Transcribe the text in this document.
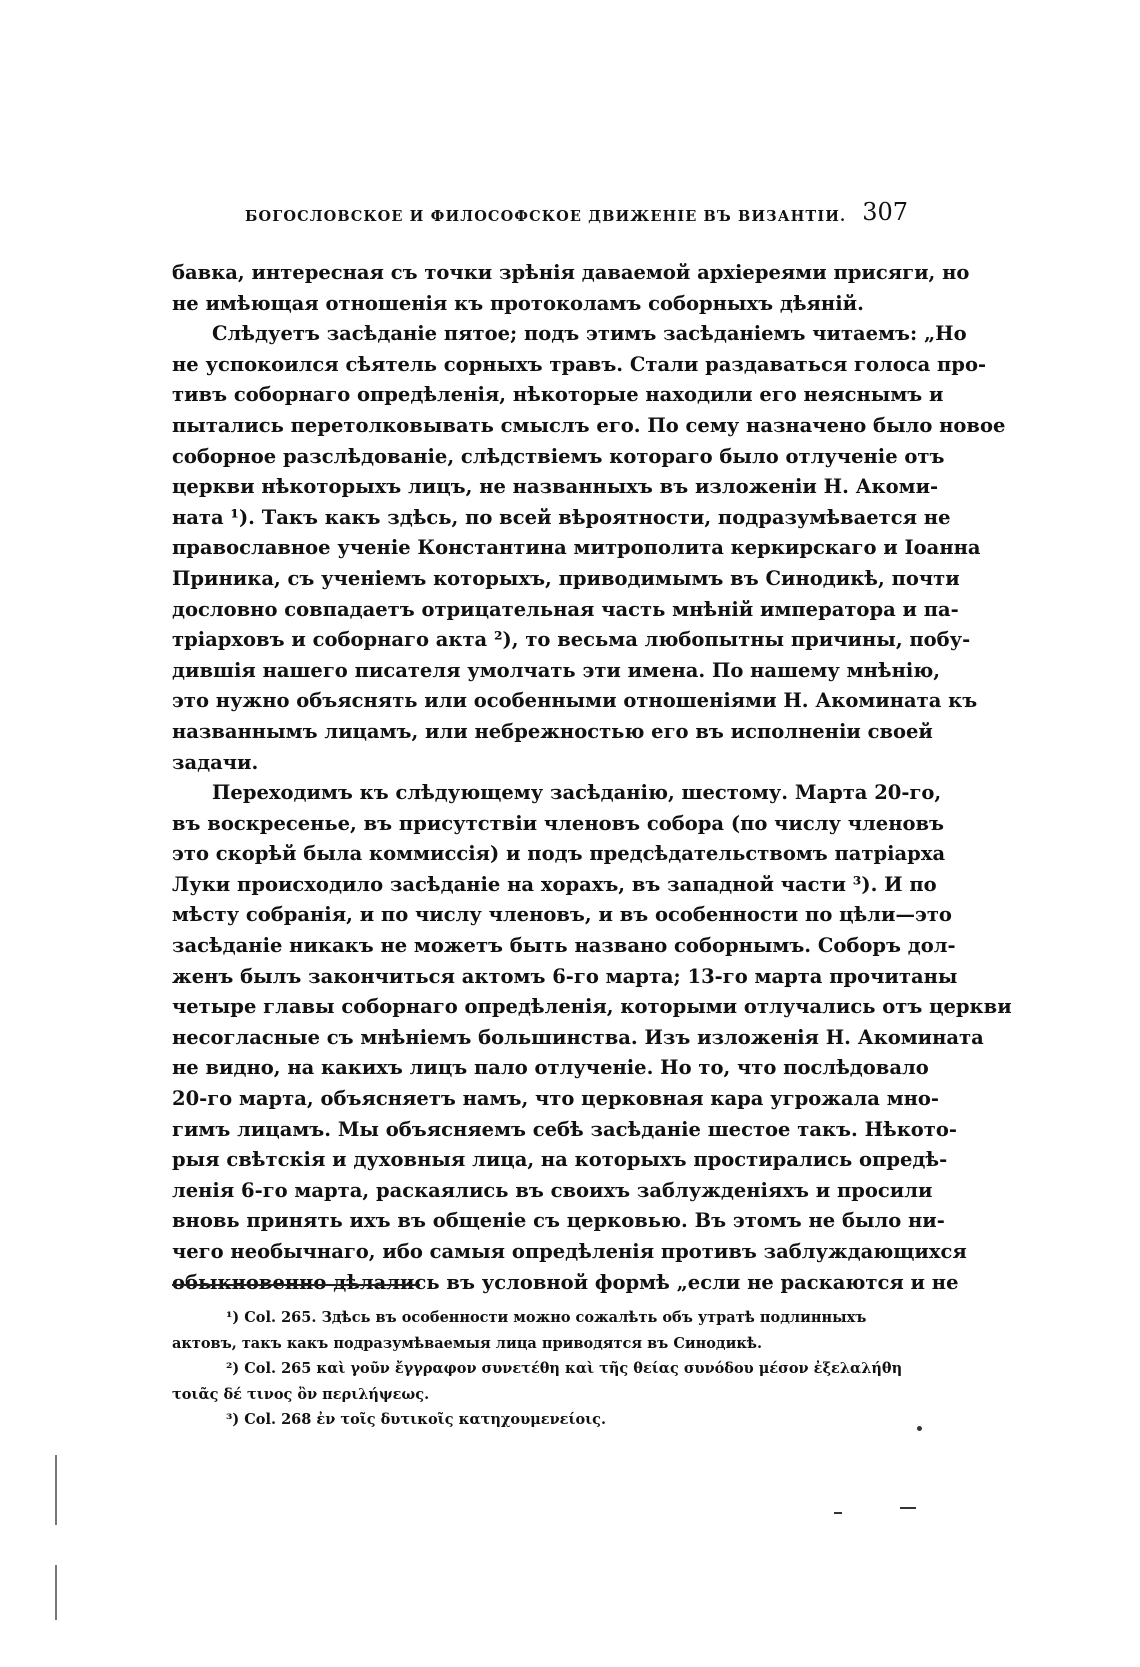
БОГОСЛОВСКОЕ И ФИЛОСОФСКОЕ ДВИЖЕНІЕ ВЪ ВИЗАНТІИ. 307
бавка, интересная съ точки зрѣнія даваемой архіереями присяги, но
не имѣющая отношенія къ протоколамъ соборныхъ дѣяній.
Слѣдуетъ засѣданіе пятое; подъ этимъ засѣданіемъ читаемъ: „Но
не успокоился сѣятель сорныхъ травъ. Стали раздаваться голоса про-
тивъ соборнаго опредѣленія, нѣкоторые находили его неяснымъ и
пытались перетолковывать смыслъ его. По сему назначено было новое
соборное разслѣдованіе, слѣдствіемъ котораго было отлученіе отъ
церкви нѣкоторыхъ лицъ, не названныхъ въ изложеніи Н. Акоми-
ната ¹). Такъ какъ здѣсь, по всей вѣроятности, подразумѣвается не
православное ученіе Константина митрополита керкирскаго и Іоанна
Приника, съ ученіемъ которыхъ, приводимымъ въ Синодикѣ, почти
дословно совпадаетъ отрицательная часть мнѣній императора и па-
тріарховъ и соборнаго акта ²), то весьма любопытны причины, побу-
дившія нашего писателя умолчать эти имена. По нашему мнѣнію,
это нужно объяснять или особенными отношеніями Н. Акомината къ
названнымъ лицамъ, или небрежностью его въ исполненіи своей
задачи.
Переходимъ къ слѣдующему засѣданію, шестому. Марта 20-го,
въ воскресенье, въ присутствіи членовъ собора (по числу членовъ
это скорѣй была коммиссія) и подъ предсѣдательствомъ патріарха
Луки происходило засѣданіе на хорахъ, въ западной части ³). И по
мѣсту собранія, и по числу членовъ, и въ особенности по цѣли—это
засѣданіе никакъ не можетъ быть названо соборнымъ. Соборъ дол-
женъ былъ закончиться актомъ 6-го марта; 13-го марта прочитаны
четыре главы соборнаго опредѣленія, которыми отлучались отъ церкви
несогласные съ мнѣніемъ большинства. Изъ изложенія Н. Акомината
не видно, на какихъ лицъ пало отлученіе. Но то, что послѣдовало
20-го марта, объясняетъ намъ, что церковная кара угрожала мно-
гимъ лицамъ. Мы объясняемъ себѣ засѣданіе шестое такъ. Нѣкото-
рыя свѣтскія и духовныя лица, на которыхъ простирались опредѣ-
ленія 6-го марта, раскаялись въ своихъ заблужденіяхъ и просили
вновь принять ихъ въ общеніе съ церковью. Въ этомъ не было ни-
чего необычнаго, ибо самыя опредѣленія противъ заблуждающихся
обыкновенно дѣлались въ условной формѣ „если не раскаются и не
¹) Col. 265. Здѣсь въ особенности можно сожалѣть объ утратѣ подлинныхъ
актовъ, такъ какъ подразумѣваемыя лица приводятся въ Синодикѣ.
²) Col. 265 καὶ γοῦν ἔγγραφον συνετέθη καὶ τῆς θείας συνόδου μέσον ἐξελαλήθη
τοιᾶς δέ τινος ὂν περιλήψεως.
³) Col. 268 ἐν τοῖς δυτικοῖς κατηχουμενείοις.
